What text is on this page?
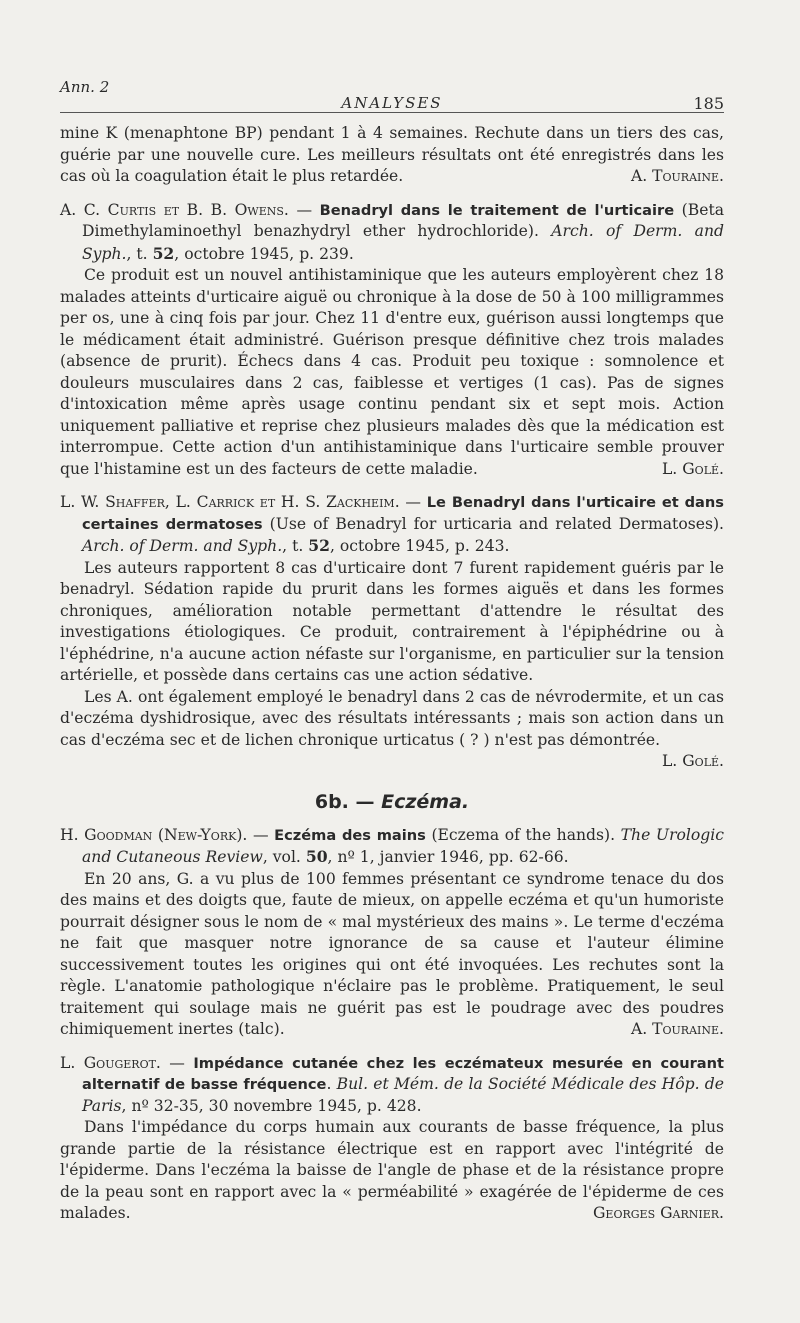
Ann. 2
ANALYSES	185

mine K (menaphtone BP) pendant 1 à 4 semaines. Rechute dans un tiers des cas, guérie par une nouvelle cure. Les meilleurs résultats ont été enregistrés dans les cas où la coagulation était le plus retardée.	A. Touraine.

A. C. Curtis et B. B. Owens. — Benadryl dans le traitement de l'urticaire (Beta Dimethylaminoethyl benazhydryl ether hydrochloride). Arch. of Derm. and Syph., t. 52, octobre 1945, p. 239.

Ce produit est un nouvel antihistaminique que les auteurs employèrent chez 18 malades atteints d'urticaire aiguë ou chronique à la dose de 50 à 100 milligrammes per os, une à cinq fois par jour. Chez 11 d'entre eux, guérison aussi longtemps que le médicament était administré. Guérison presque définitive chez trois malades (absence de prurit). Échecs dans 4 cas. Produit peu toxique : somnolence et douleurs musculaires dans 2 cas, faiblesse et vertiges (1 cas). Pas de signes d'intoxication même après usage continu pendant six et sept mois. Action uniquement palliative et reprise chez plusieurs malades dès que la médication est interrompue. Cette action d'un antihistaminique dans l'urticaire semble prouver que l'histamine est un des facteurs de cette maladie.	L. Golé.

L. W. Shaffer, L. Carrick et H. S. Zackheim. — Le Benadryl dans l'urticaire et dans certaines dermatoses (Use of Benadryl for urticaria and related Dermatoses). Arch. of Derm. and Syph., t. 52, octobre 1945, p. 243.

Les auteurs rapportent 8 cas d'urticaire dont 7 furent rapidement guéris par le benadryl. Sédation rapide du prurit dans les formes aiguës et dans les formes chroniques, amélioration notable permettant d'attendre le résultat des investigations étiologiques. Ce produit, contrairement à l'épiphédrine ou à l'éphédrine, n'a aucune action néfaste sur l'organisme, en particulier sur la tension artérielle, et possède dans certains cas une action sédative.

Les A. ont également employé le benadryl dans 2 cas de névrodermite, et un cas d'eczéma dyshidrosique, avec des résultats intéressants ; mais son action dans un cas d'eczéma sec et de lichen chronique urticatus ( ? ) n'est pas démontrée.

L. Golé.

6b. — Eczéma.

H. Goodman (New-York). — Eczéma des mains (Eczema of the hands). The Urologic and Cutaneous Review, vol. 50, nº 1, janvier 1946, pp. 62-66.

En 20 ans, G. a vu plus de 100 femmes présentant ce syndrome tenace du dos des mains et des doigts que, faute de mieux, on appelle eczéma et qu'un humoriste pourrait désigner sous le nom de « mal mystérieux des mains ». Le terme d'eczéma ne fait que masquer notre ignorance de sa cause et l'auteur élimine successivement toutes les origines qui ont été invoquées. Les rechutes sont la règle. L'anatomie pathologique n'éclaire pas le problème. Pratiquement, le seul traitement qui soulage mais ne guérit pas est le poudrage avec des poudres chimiquement inertes (talc).	A. Touraine.

L. Gougerot. — Impédance cutanée chez les eczémateux mesurée en courant alternatif de basse fréquence. Bul. et Mém. de la Société Médicale des Hôp. de Paris, nº 32-35, 30 novembre 1945, p. 428.

Dans l'impédance du corps humain aux courants de basse fréquence, la plus grande partie de la résistance électrique est en rapport avec l'intégrité de l'épiderme. Dans l'eczéma la baisse de l'angle de phase et de la résistance propre de la peau sont en rapport avec la « perméabilité » exagérée de l'épiderme de ces malades.	Georges Garnier.
